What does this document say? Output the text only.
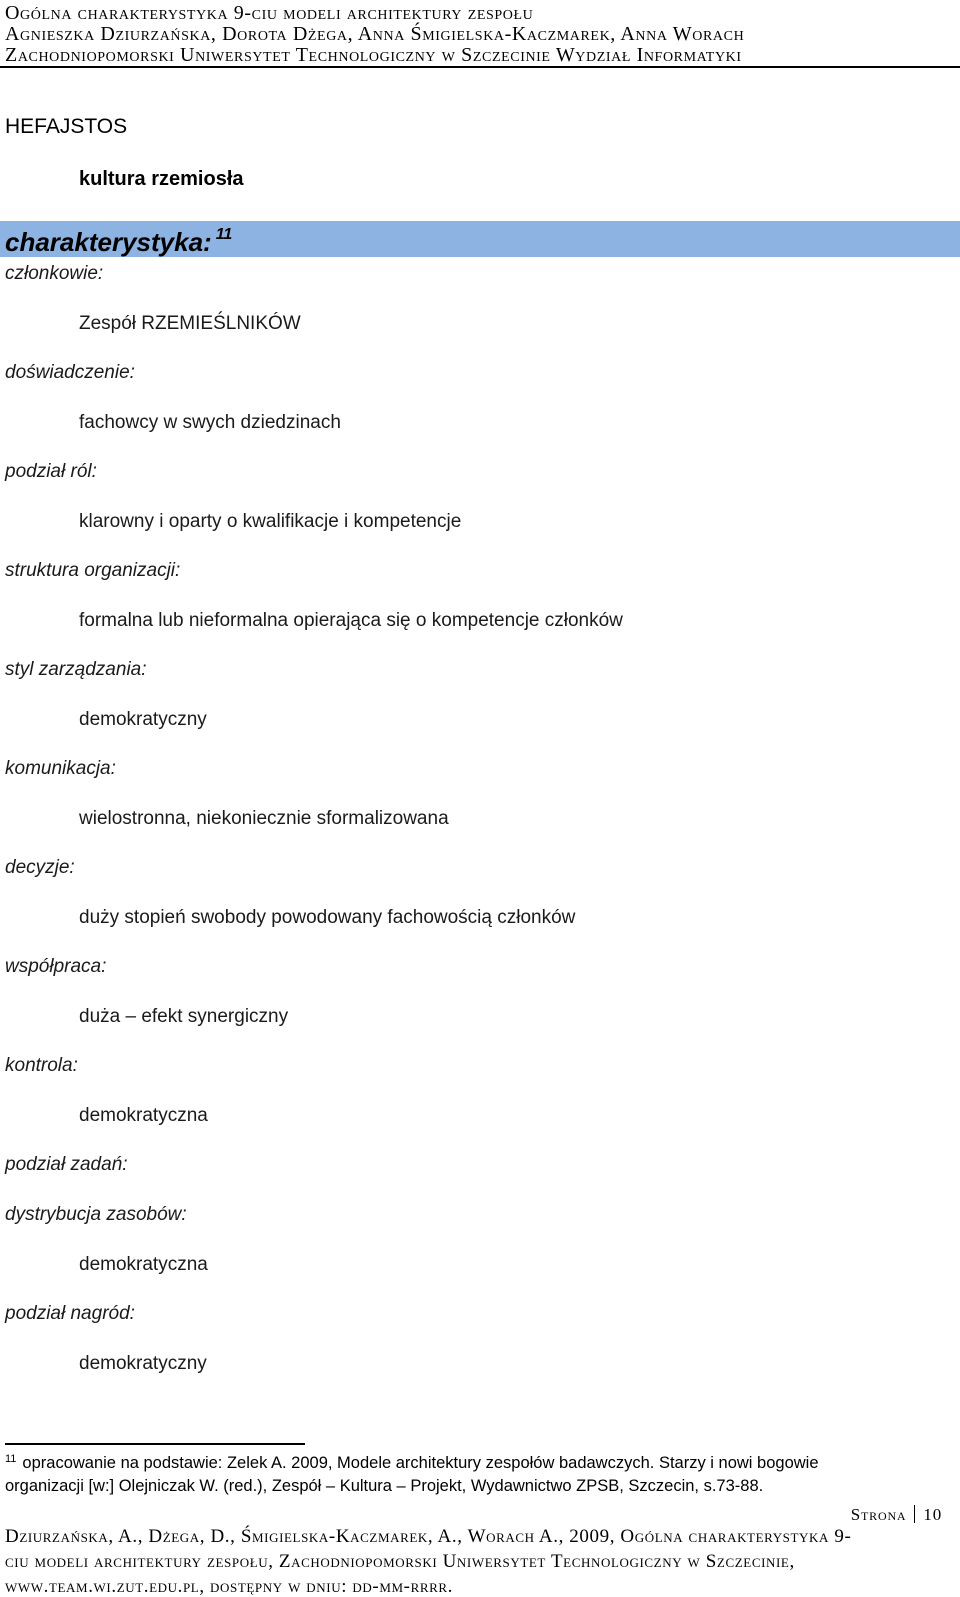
Ogólna charakterystyka 9-ciu modeli architektury zespołu
Agnieszka Dziurzańska, Dorota Dżega, Anna Śmigielska-Kaczmarek, Anna Worach
Zachodniopomorski Uniwersytet Technologiczny w Szczecinie Wydział Informatyki
HEFAJSTOS
kultura rzemiosła
charakterystyka: $^{11}$
członkowie:
Zespół RZEMIEŚLNIKÓW
doświadczenie:
fachowcy w swych dziedzinach
podział ról:
klarowny i oparty o kwalifikacje i kompetencje
struktura organizacji:
formalna lub nieformalna opierająca się o kompetencje członków
styl zarządzania:
demokratyczny
komunikacja:
wielostronna, niekoniecznie sformalizowana
decyzje:
duży stopień swobody powodowany fachowością członków
współpraca:
duża – efekt synergiczny
kontrola:
demokratyczna
podział zadań:
dystrybucja zasobów:
demokratyczna
podział nagród:
demokratyczny
$^{11}$ opracowanie na podstawie: Zelek A. 2009, Modele architektury zespołów badawczych. Starzy i nowi bogowie
organizacji [w:] Olejniczak W. (red.), Zespół – Kultura – Projekt, Wydawnictwo ZPSB, Szczecin, s.73-88.
Strona 10
Dziurzańska, A., Dżega, D., Śmigielska-Kaczmarek, A., Worach A., 2009, Ogólna charakterystyka 9-
ciu modeli architektury zespołu, Zachodniopomorski Uniwersytet Technologiczny w Szczecinie,
www.team.wi.zut.edu.pl, dostępny w dniu: dd-mm-rrrr.
